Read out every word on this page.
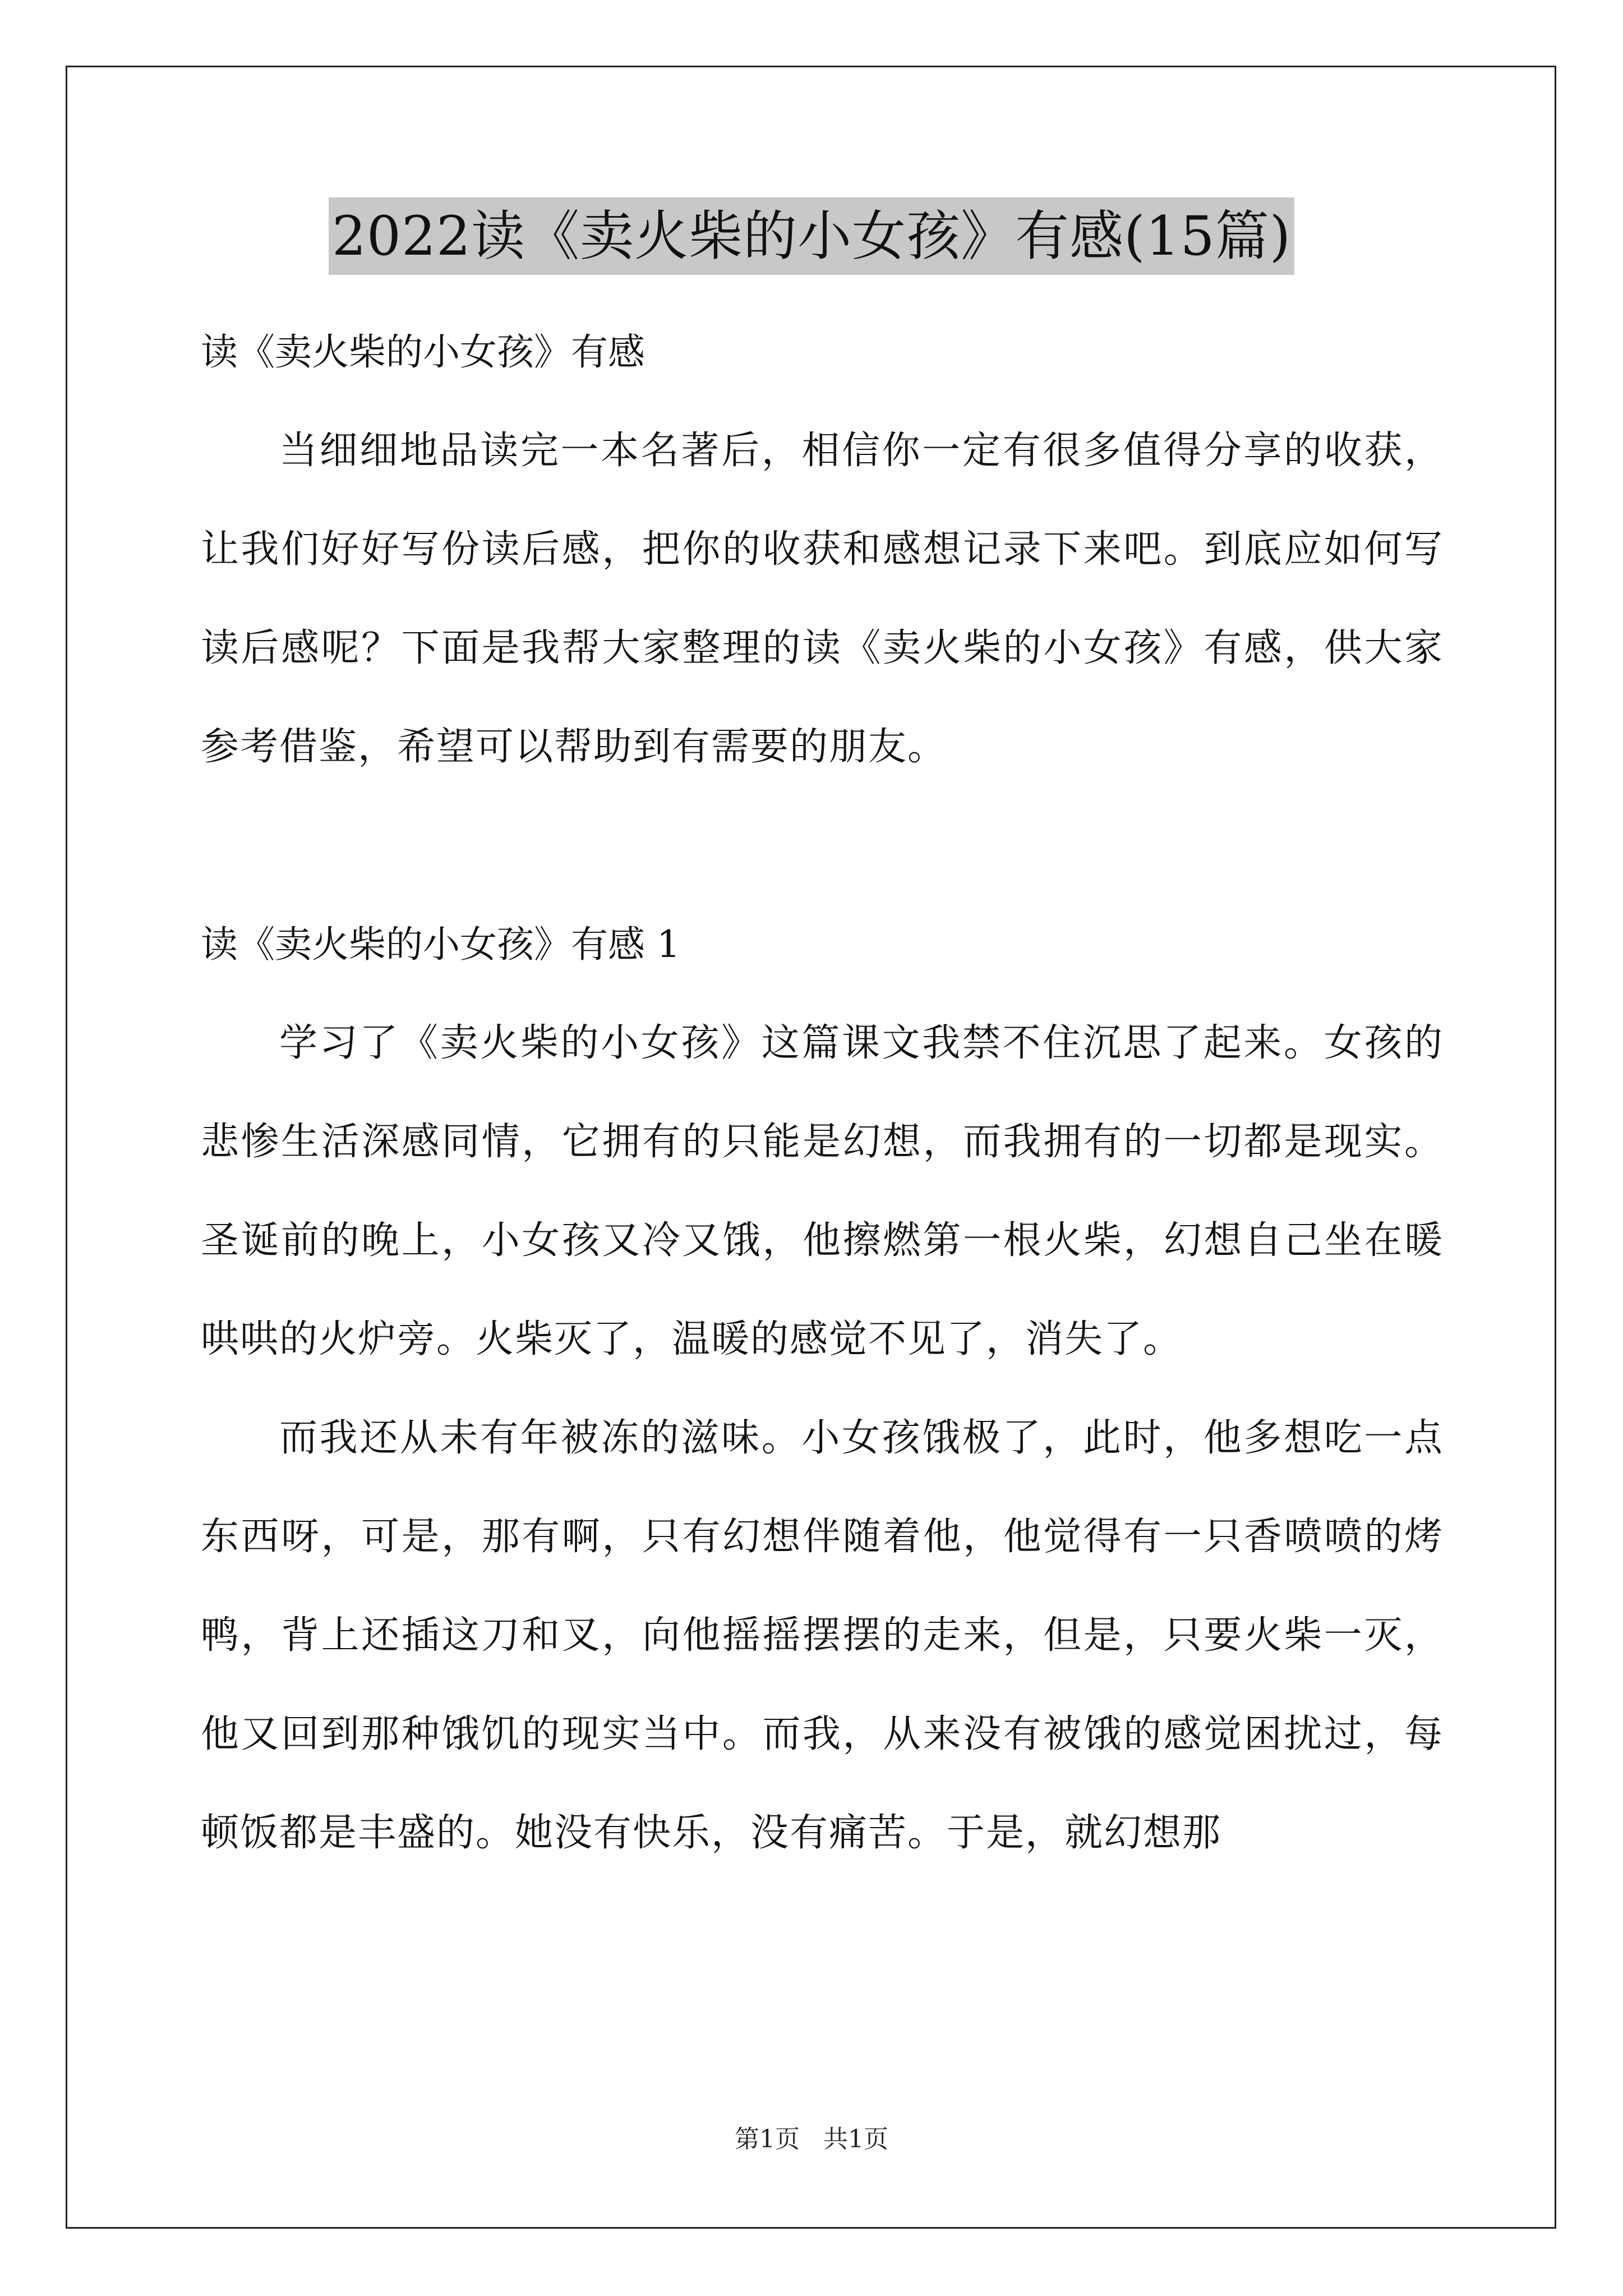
2022读《卖火柴的小女孩》有感(15篇)

读《卖火柴的小女孩》有感

当细细地品读完一本名著后，相信你一定有很多值得分享的收获，让我们好好写份读后感，把你的收获和感想记录下来吧。到底应如何写读后感呢？下面是我帮大家整理的读《卖火柴的小女孩》有感，供大家参考借鉴，希望可以帮助到有需要的朋友。

读《卖火柴的小女孩》有感 1

学习了《卖火柴的小女孩》这篇课文我禁不住沉思了起来。女孩的悲惨生活深感同情，它拥有的只能是幻想，而我拥有的一切都是现实。圣诞前的晚上，小女孩又冷又饿，他擦燃第一根火柴，幻想自己坐在暖哄哄的火炉旁。火柴灭了，温暖的感觉不见了，消失了。

而我还从未有年被冻的滋味。小女孩饿极了，此时，他多想吃一点东西呀，可是，那有啊，只有幻想伴随着他，他觉得有一只香喷喷的烤鸭，背上还插这刀和叉，向他摇摇摆摆的走来，但是，只要火柴一灭，他又回到那种饿饥的现实当中。而我，从来没有被饿的感觉困扰过，每顿饭都是丰盛的。她没有快乐，没有痛苦。于是，就幻想那

第1页   共1页
